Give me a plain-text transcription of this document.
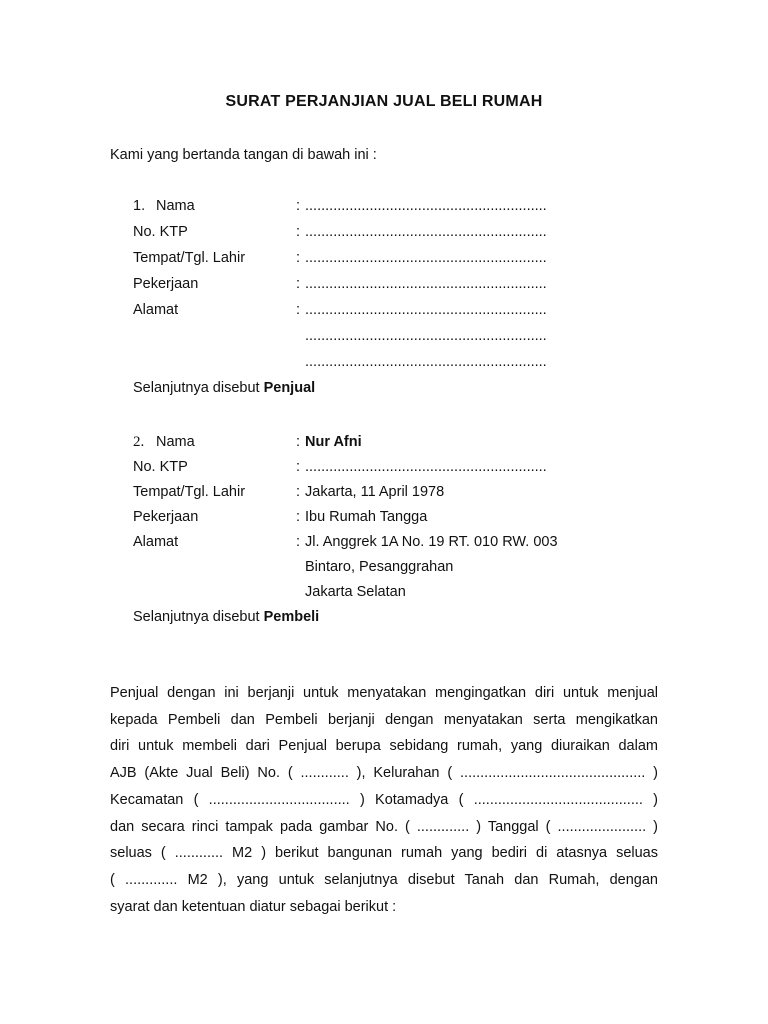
SURAT PERJANJIAN JUAL BELI RUMAH
Kami yang bertanda tangan di bawah ini :
1. Nama	: ............................................................
No. KTP	: ............................................................
Tempat/Tgl. Lahir	: ............................................................
Pekerjaan	: ............................................................
Alamat	: ............................................................
............................................................
............................................................
Selanjutnya disebut Penjual
2. Nama	: Nur Afni
No. KTP	: ............................................................
Tempat/Tgl. Lahir	: Jakarta, 11 April 1978
Pekerjaan	: Ibu Rumah Tangga
Alamat	: Jl. Anggrek 1A No. 19 RT. 010 RW. 003
Bintaro, Pesanggrahan
Jakarta Selatan
Selanjutnya disebut Pembeli
Penjual dengan ini berjanji untuk menyatakan mengingatkan diri untuk menjual
kepada Pembeli dan Pembeli berjanji dengan menyatakan serta mengikatkan
diri untuk membeli dari Penjual berupa sebidang rumah, yang diuraikan dalam
AJB (Akte Jual Beli) No. ( ............ ), Kelurahan ( .............................................. )
Kecamatan ( ................................... ) Kotamadya ( .......................................... )
dan secara rinci tampak pada gambar No. ( ............. ) Tanggal ( ...................... )
seluas ( ............ M2 ) berikut bangunan rumah yang bediri di atasnya seluas
( ............. M2 ), yang untuk selanjutnya disebut Tanah dan Rumah, dengan
syarat dan ketentuan diatur sebagai berikut :
